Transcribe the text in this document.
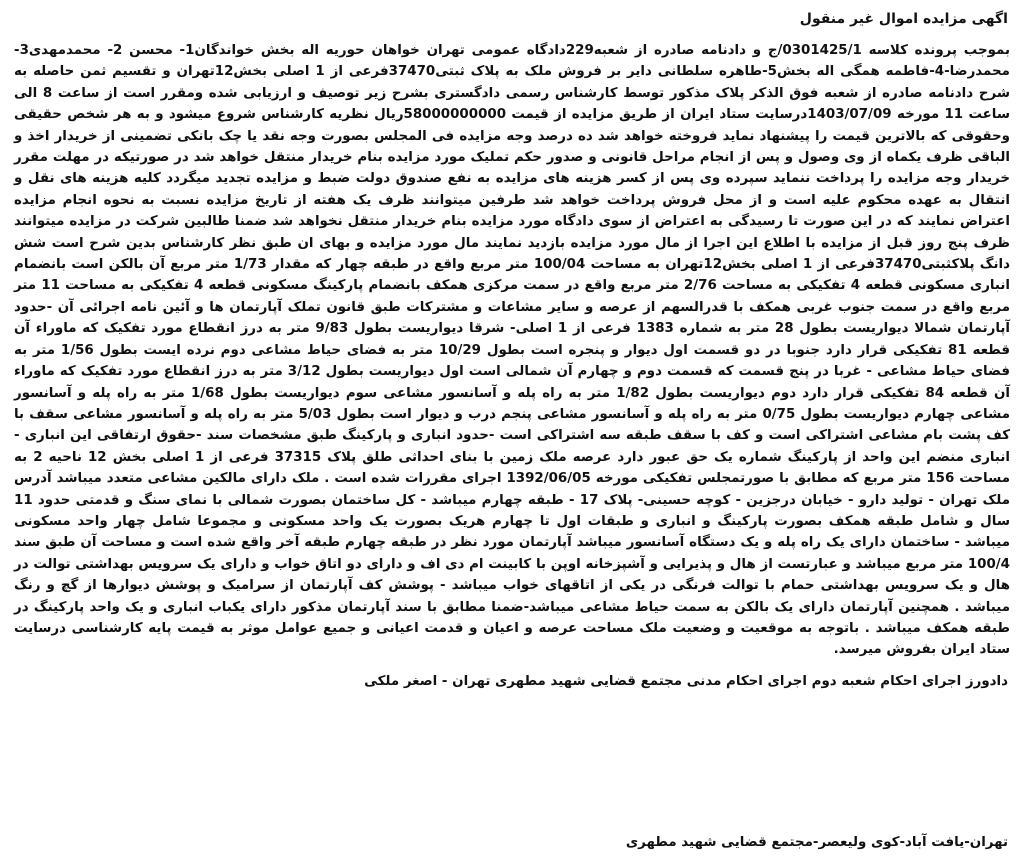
اگهی مزایده اموال غیر منقول
بموجب پرونده کلاسه 0301425/1/ج و دادنامه صادره از شعبه229دادگاه عمومی تهران خواهان حوریه اله بخش خواندگان1- محسن 2- محمدمهدی3- محمدرضا-4-فاطمه همگی اله بخش5-طاهره سلطانی دایر بر فروش ملک به پلاک ثبتی37470فرعی از 1 اصلی بخش12تهران و تقسیم ثمن حاصله به شرح دادنامه صادره از شعبه فوق الذکر پلاک مذکور توسط کارشناس رسمی دادگستری بشرح زیر توصیف و ارزیابی شده ومقرر است از ساعت 8 الی ساعت 11 مورخه 1403/07/09درسایت ستاد ایران از طریق مزایده از قیمت 58000000000ریال نظریه کارشناس شروع میشود و به هر شخص حقیقی وحقوقی که بالاترین قیمت را پیشنهاد نماید فروخته خواهد شد ده درصد وجه مزایده فی المجلس بصورت وجه نقد یا چک بانکی تضمینی از خریدار اخذ و الباقی ظرف یکماه از وی وصول و پس از انجام مراحل قانونی و صدور حکم تملیک مورد مزایده بنام خریدار منتقل خواهد شد در صورتیکه در مهلت مقرر خریدار وجه مزایده را پرداخت ننماید سپرده وی پس از کسر هزینه های مزایده به نفع صندوق دولت ضبط و مزایده تجدید میگردد کلیه هزینه های نقل و انتقال به عهده محکوم علیه است و از محل فروش پرداخت خواهد شد طرفین میتوانند ظرف یک هفته از تاریخ مزایده نسبت به نحوه انجام مزایده اعتراض نمایند که در این صورت تا رسیدگی به اعتراض از سوی دادگاه مورد مزایده بنام خریدار منتقل نخواهد شد ضمنا طالبین شرکت در مزایده میتوانند ظرف پنج روز قبل از مزایده با اطلاع این اجرا از مال مورد مزایده بازدید نمایند مال مورد مزایده و بهای ان طبق نظر کارشناس بدین شرح است شش دانگ پلاکثبتی37470فرعی از 1 اصلی بخش12تهران به مساحت 100/04 متر مربع واقع در طبقه چهار که مقدار 1/73 متر مربع آن بالکن است بانضمام انباری مسکونی قطعه 4 تفکیکی به مساحت 2/76 متر مربع واقع در سمت مرکزی همکف بانضمام پارکینگ مسکونی قطعه 4 تفکیکی به مساحت 11 متر مربع واقع در سمت جنوب غربی همکف با قدرالسهم از عرصه و سایر مشاعات و مشترکات طبق قانون تملک آپارتمان ها و آئین نامه اجرائی آن -حدود آپارتمان شمالا دیواریست بطول 28 متر به شماره 1383 فرعی از 1 اصلی- شرقا دیواریست بطول 9/83 متر به درز انقطاع مورد تفکیک که ماوراء آن قطعه 81 تفکیکی قرار دارد جنوبا در دو قسمت اول دیوار و پنجره است بطول 10/29 متر به فضای حیاط مشاعی دوم نرده ایست بطول 1/56 متر به فضای حیاط مشاعی - غربا در پنج قسمت که قسمت دوم و چهارم آن شمالی است اول دیواریست بطول 3/12 متر به درز انقطاع مورد تفکیک که ماوراء آن قطعه 84 تفکیکی قرار دارد دوم دیواریست بطول 1/82 متر به راه پله و آسانسور مشاعی سوم دیواریست بطول 1/68 متر به راه پله و آسانسور مشاعی چهارم دیواریست بطول 0/75 متر به راه پله و آسانسور مشاعی پنجم درب و دیوار است بطول 5/03 متر به راه پله و آسانسور مشاعی سقف با کف پشت بام مشاعی اشتراکی است و کف با سقف طبقه سه اشتراکی است -حدود انباری و پارکینگ طبق مشخصات سند -حقوق ارتفاقی این انباری - انباری منضم این واحد از پارکینگ شماره یک حق عبور دارد عرصه ملک زمین با بنای احداثی طلق پلاک 37315 فرعی از 1 اصلی بخش 12 ناحیه 2 به مساحت 156 متر مربع که مطابق با صورتمجلس تفکیکی مورخه 1392/06/05 اجرای مقررات شده است . ملک دارای مالکین مشاعی متعدد میباشد آدرس ملک تهران - تولید دارو - خیابان درجزین - کوچه حسینی- پلاک 17 - طبقه چهارم میباشد - کل ساختمان بصورت شمالی با نمای سنگ و قدمتی حدود 11 سال و شامل طبقه همکف بصورت پارکینگ و انباری و طبقات اول تا چهارم هریک بصورت یک واحد مسکونی و مجموعا شامل چهار واحد مسکونی میباشد - ساختمان دارای یک راه پله و یک دستگاه آسانسور میباشد آپارتمان مورد نظر در طبقه چهارم طبقه آخر واقع شده است و مساحت آن طبق سند 100/4 متر مربع میباشد و عبارتست از هال و پذیرایی و آشپزخانه اوپن با کابینت ام دی اف و دارای دو اتاق خواب و دارای یک سرویس بهداشتی توالت در هال و یک سرویس بهداشتی حمام با توالت فرنگی در یکی از اتاقهای خواب میباشد - پوشش کف آپارتمان از سرامیک و پوشش دیوارها از گچ و رنگ میباشد . همچنین آپارتمان دارای یک بالکن به سمت حیاط مشاعی میباشد-ضمنا مطابق با سند آپارتمان مذکور دارای یکباب انباری و یک واحد پارکینگ در طبقه همکف میباشد . باتوجه به موقعیت و وضعیت ملک مساحت عرصه و اعیان و قدمت اعیانی و جمیع عوامل موثر به قیمت پایه کارشناسی درسایت ستاد ایران بفروش میرسد.
دادورز اجرای احکام شعبه دوم اجرای احکام مدنی مجتمع قضایی شهید مطهری تهران - اصغر ملکی
تهران-یافت آباد-کوی ولیعصر-مجتمع قضایی شهید مطهری
